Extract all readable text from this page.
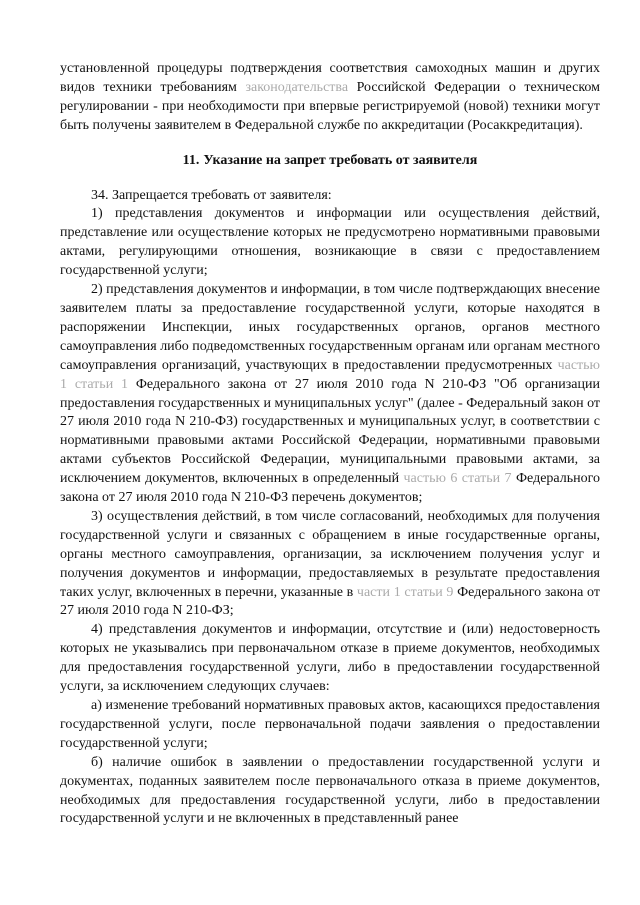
установленной процедуры подтверждения соответствия самоходных машин и других видов техники требованиям законодательства Российской Федерации о техническом регулировании - при необходимости при впервые регистрируемой (новой) техники могут быть получены заявителем в Федеральной службе по аккредитации (Росаккредитация).

11. Указание на запрет требовать от заявителя

34. Запрещается требовать от заявителя:

1) представления документов и информации или осуществления действий, представление или осуществление которых не предусмотрено нормативными правовыми актами, регулирующими отношения, возникающие в связи с предоставлением государственной услуги;

2) представления документов и информации, в том числе подтверждающих внесение заявителем платы за предоставление государственной услуги, которые находятся в распоряжении Инспекции, иных государственных органов, органов местного самоуправления либо подведомственных государственным органам или органам местного самоуправления организаций, участвующих в предоставлении предусмотренных частью 1 статьи 1 Федерального закона от 27 июля 2010 года N 210-ФЗ "Об организации предоставления государственных и муниципальных услуг" (далее - Федеральный закон от 27 июля 2010 года N 210-ФЗ) государственных и муниципальных услуг, в соответствии с нормативными правовыми актами Российской Федерации, нормативными правовыми актами субъектов Российской Федерации, муниципальными правовыми актами, за исключением документов, включенных в определенный частью 6 статьи 7 Федерального закона от 27 июля 2010 года N 210-ФЗ перечень документов;

3) осуществления действий, в том числе согласований, необходимых для получения государственной услуги и связанных с обращением в иные государственные органы, органы местного самоуправления, организации, за исключением получения услуг и получения документов и информации, предоставляемых в результате предоставления таких услуг, включенных в перечни, указанные в части 1 статьи 9 Федерального закона от 27 июля 2010 года N 210-ФЗ;

4) представления документов и информации, отсутствие и (или) недостоверность которых не указывались при первоначальном отказе в приеме документов, необходимых для предоставления государственной услуги, либо в предоставлении государственной услуги, за исключением следующих случаев:

а) изменение требований нормативных правовых актов, касающихся предоставления государственной услуги, после первоначальной подачи заявления о предоставлении государственной услуги;

б) наличие ошибок в заявлении о предоставлении государственной услуги и документах, поданных заявителем после первоначального отказа в приеме документов, необходимых для предоставления государственной услуги, либо в предоставлении государственной услуги и не включенных в представленный ранее
